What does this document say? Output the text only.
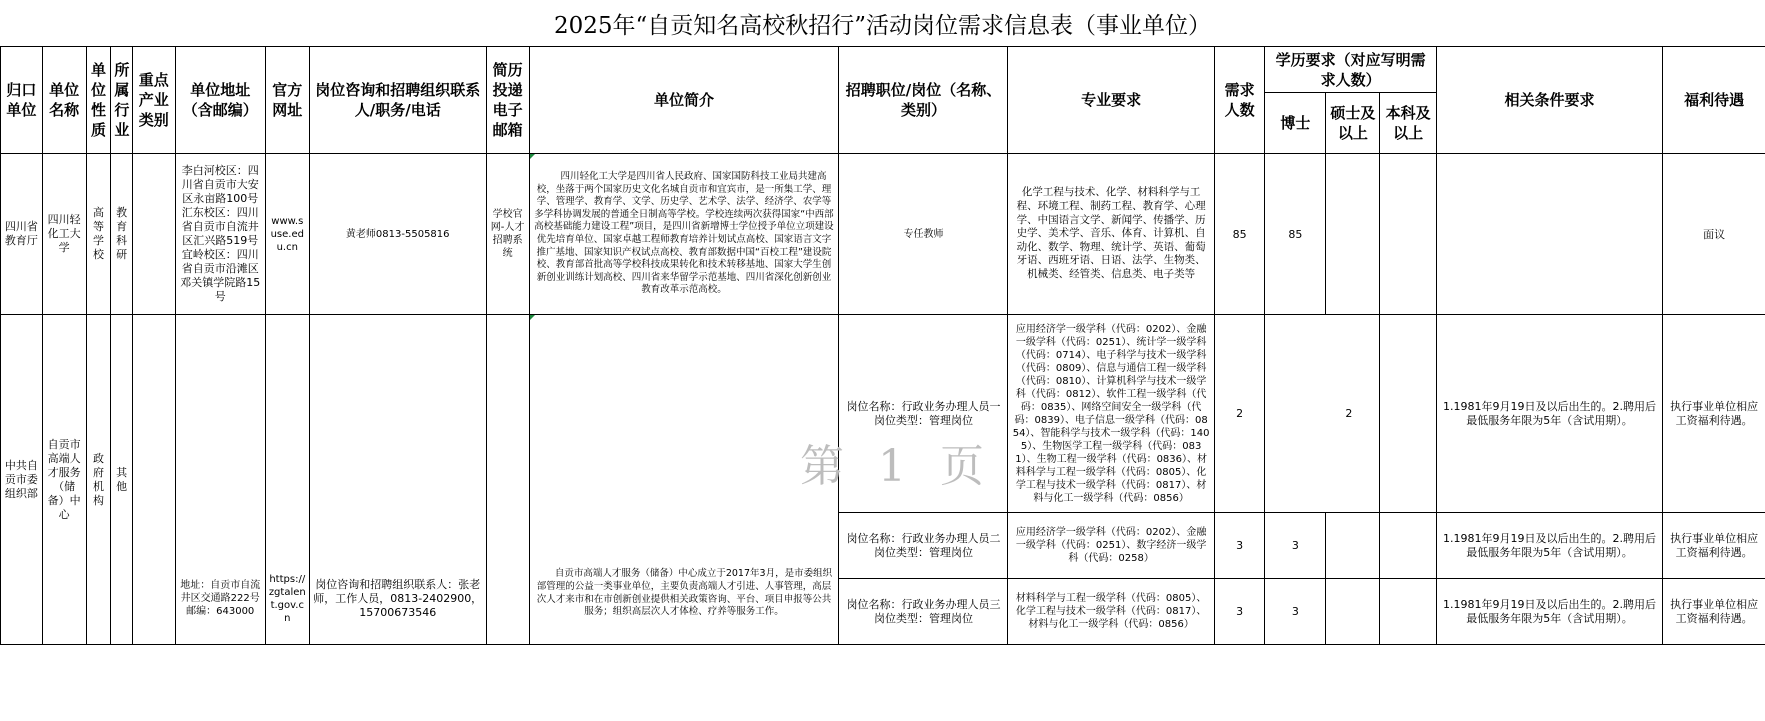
2025年“自贡知名高校秋招行”活动岗位需求信息表（事业单位）
归口单位	单位名称	单位性质	所属行业	重点产业类别	单位地址（含邮编）	官方网址	岗位咨询和招聘组织联系人/职务/电话	简历投递电子邮箱	单位简介	招聘职位/岗位（名称、类别）	专业要求	需求人数	学历要求（对应写明需求人数）			相关条件要求	福利待遇
													博士	硕士及以上	本科及以上		
四川省教育厅	四川轻化工大学	高等学校	教育科研		李白河校区：四川省自贡市大安区永亩路100号汇东校区：四川省自贡市自流井区汇兴路519号宜岭校区：四川省自贡市沿滩区邓关镇学院路15号	www.suse.edu.cn	黄老师0813-5505816	学校官网-人才招聘系统	四川轻化工大学是四川省人民政府、国家国防科技工业局共建高校，坐落于两个国家历史文化名城自贡市和宜宾市，是一所集工学、理学、管理学、教育学、文学、历史学、艺术学、法学、经济学、农学等多学科协调发展的普通全日制高等学校。学校连续两次获得国家“中西部高校基础能力建设工程”项目，是四川省新增博士学位授予单位立项建设优先培育单位、国家卓越工程师教育培养计划试点高校、国家语言文字推广基地、国家知识产权试点高校、教育部数据中国“百校工程”建设院校、教育部首批高等学校科技成果转化和技术转移基地、国家大学生创新创业训练计划高校、四川省来华留学示范基地、四川省深化创新创业教育改革示范高校。	专任教师	化学工程与技术、化学、材料科学与工程、环境工程、制药工程、教育学、心理学、中国语言文学、新闻学、传播学、历史学、美术学、音乐、体育、计算机、自动化、数学、物理、统计学、英语、葡萄牙语、西班牙语、日语、法学、生物类、机械类、经管类、信息类、电子类等	85	85				面议
中共自贡市委组织部	自贡市高端人才服务（储备）中心	政府机构	其他		地址：自贡市自流井区交通路222号邮编：643000	https://zgtalent.gov.cn	岗位咨询和招聘组织联系人：张老师，工作人员，0813-2402900，15700673546		自贡市高端人才服务（储备）中心成立于2017年3月，是市委组织部管理的公益一类事业单位，主要负责高端人才引进、人事管理，高层次人才来市和在市创新创业提供相关政策咨询、平台、项目申报等公共服务；组织高层次人才体检、疗养等服务工作。	岗位名称：行政业务办理人员一岗位类型：管理岗位	应用经济学一级学科（代码：0202）、金融一级学科（代码：0251）、统计学一级学科（代码：0714）、电子科学与技术一级学科（代码：0809）、信息与通信工程一级学科（代码：0810）、计算机科学与技术一级学科（代码：0812）、软件工程一级学科（代码：0835）、网络空间安全一级学科（代码：0839）、电子信息一级学科（代码：0854）、智能科学与技术一级学科（代码：1405）、生物医学工程一级学科（代码：0831）、生物工程一级学科（代码：0836）、材料科学与工程一级学科（代码：0805）、化学工程与技术一级学科（代码：0817）、材料与化工一级学科（代码：0856）	2	2			1.1981年9月19日及以后出生的。2.聘用后最低服务年限为5年（含试用期）。	执行事业单位相应工资福利待遇。
										岗位名称：行政业务办理人员二岗位类型：管理岗位	应用经济学一级学科（代码：0202）、金融一级学科（代码：0251）、数字经济一级学科（代码：0258）	3	3			1.1981年9月19日及以后出生的。2.聘用后最低服务年限为5年（含试用期）。	执行事业单位相应工资福利待遇。
										岗位名称：行政业务办理人员三岗位类型：管理岗位	材料科学与工程一级学科（代码：0805）、化学工程与技术一级学科（代码：0817）、材料与化工一级学科（代码：0856）	3	3			1.1981年9月19日及以后出生的。2.聘用后最低服务年限为5年（含试用期）。	执行事业单位相应工资福利待遇。
第 1 页
